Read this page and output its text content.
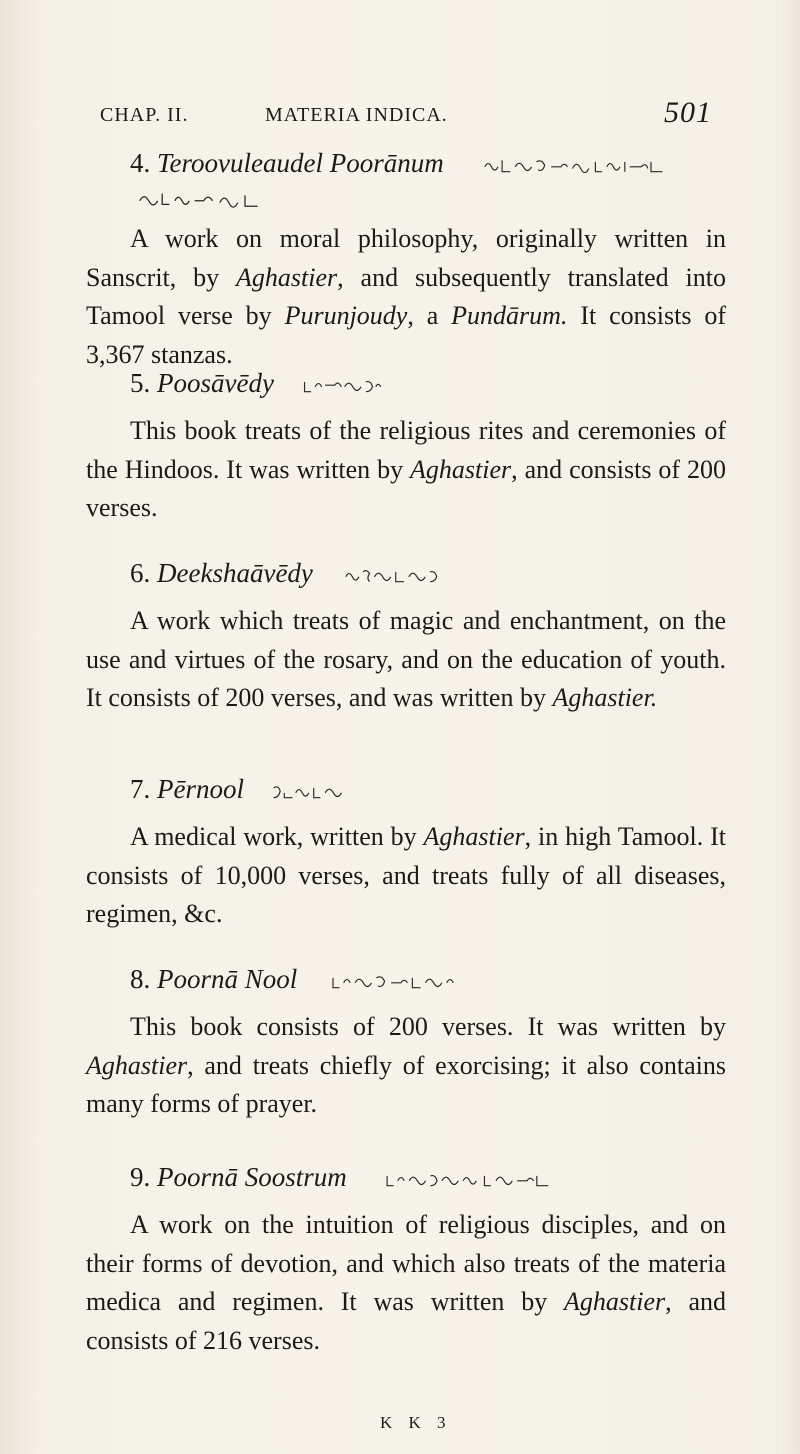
CHAP. II.	MATERIA INDICA.	501
4. Teroovuleaudel Poorānum
A work on moral philosophy, originally written in Sanscrit, by Aghastier, and subsequently translated into Tamool verse by Purunjoudy, a Pundārum. It consists of 3,367 stanzas.
5. Poosāvēdy
This book treats of the religious rites and ceremonies of the Hindoos. It was written by Aghastier, and consists of 200 verses.
6. Deekshaāvēdy
A work which treats of magic and enchantment, on the use and virtues of the rosary, and on the education of youth. It consists of 200 verses, and was written by Aghastier.
7. Pērnool
A medical work, written by Aghastier, in high Tamool. It consists of 10,000 verses, and treats fully of all diseases, regimen, &c.
8. Poornā Nool
This book consists of 200 verses. It was written by Aghastier, and treats chiefly of exorcising; it also contains many forms of prayer.
9. Poornā Soostrum
A work on the intuition of religious disciples, and on their forms of devotion, and which also treats of the materia medica and regimen. It was written by Aghastier, and consists of 216 verses.
K K 3
